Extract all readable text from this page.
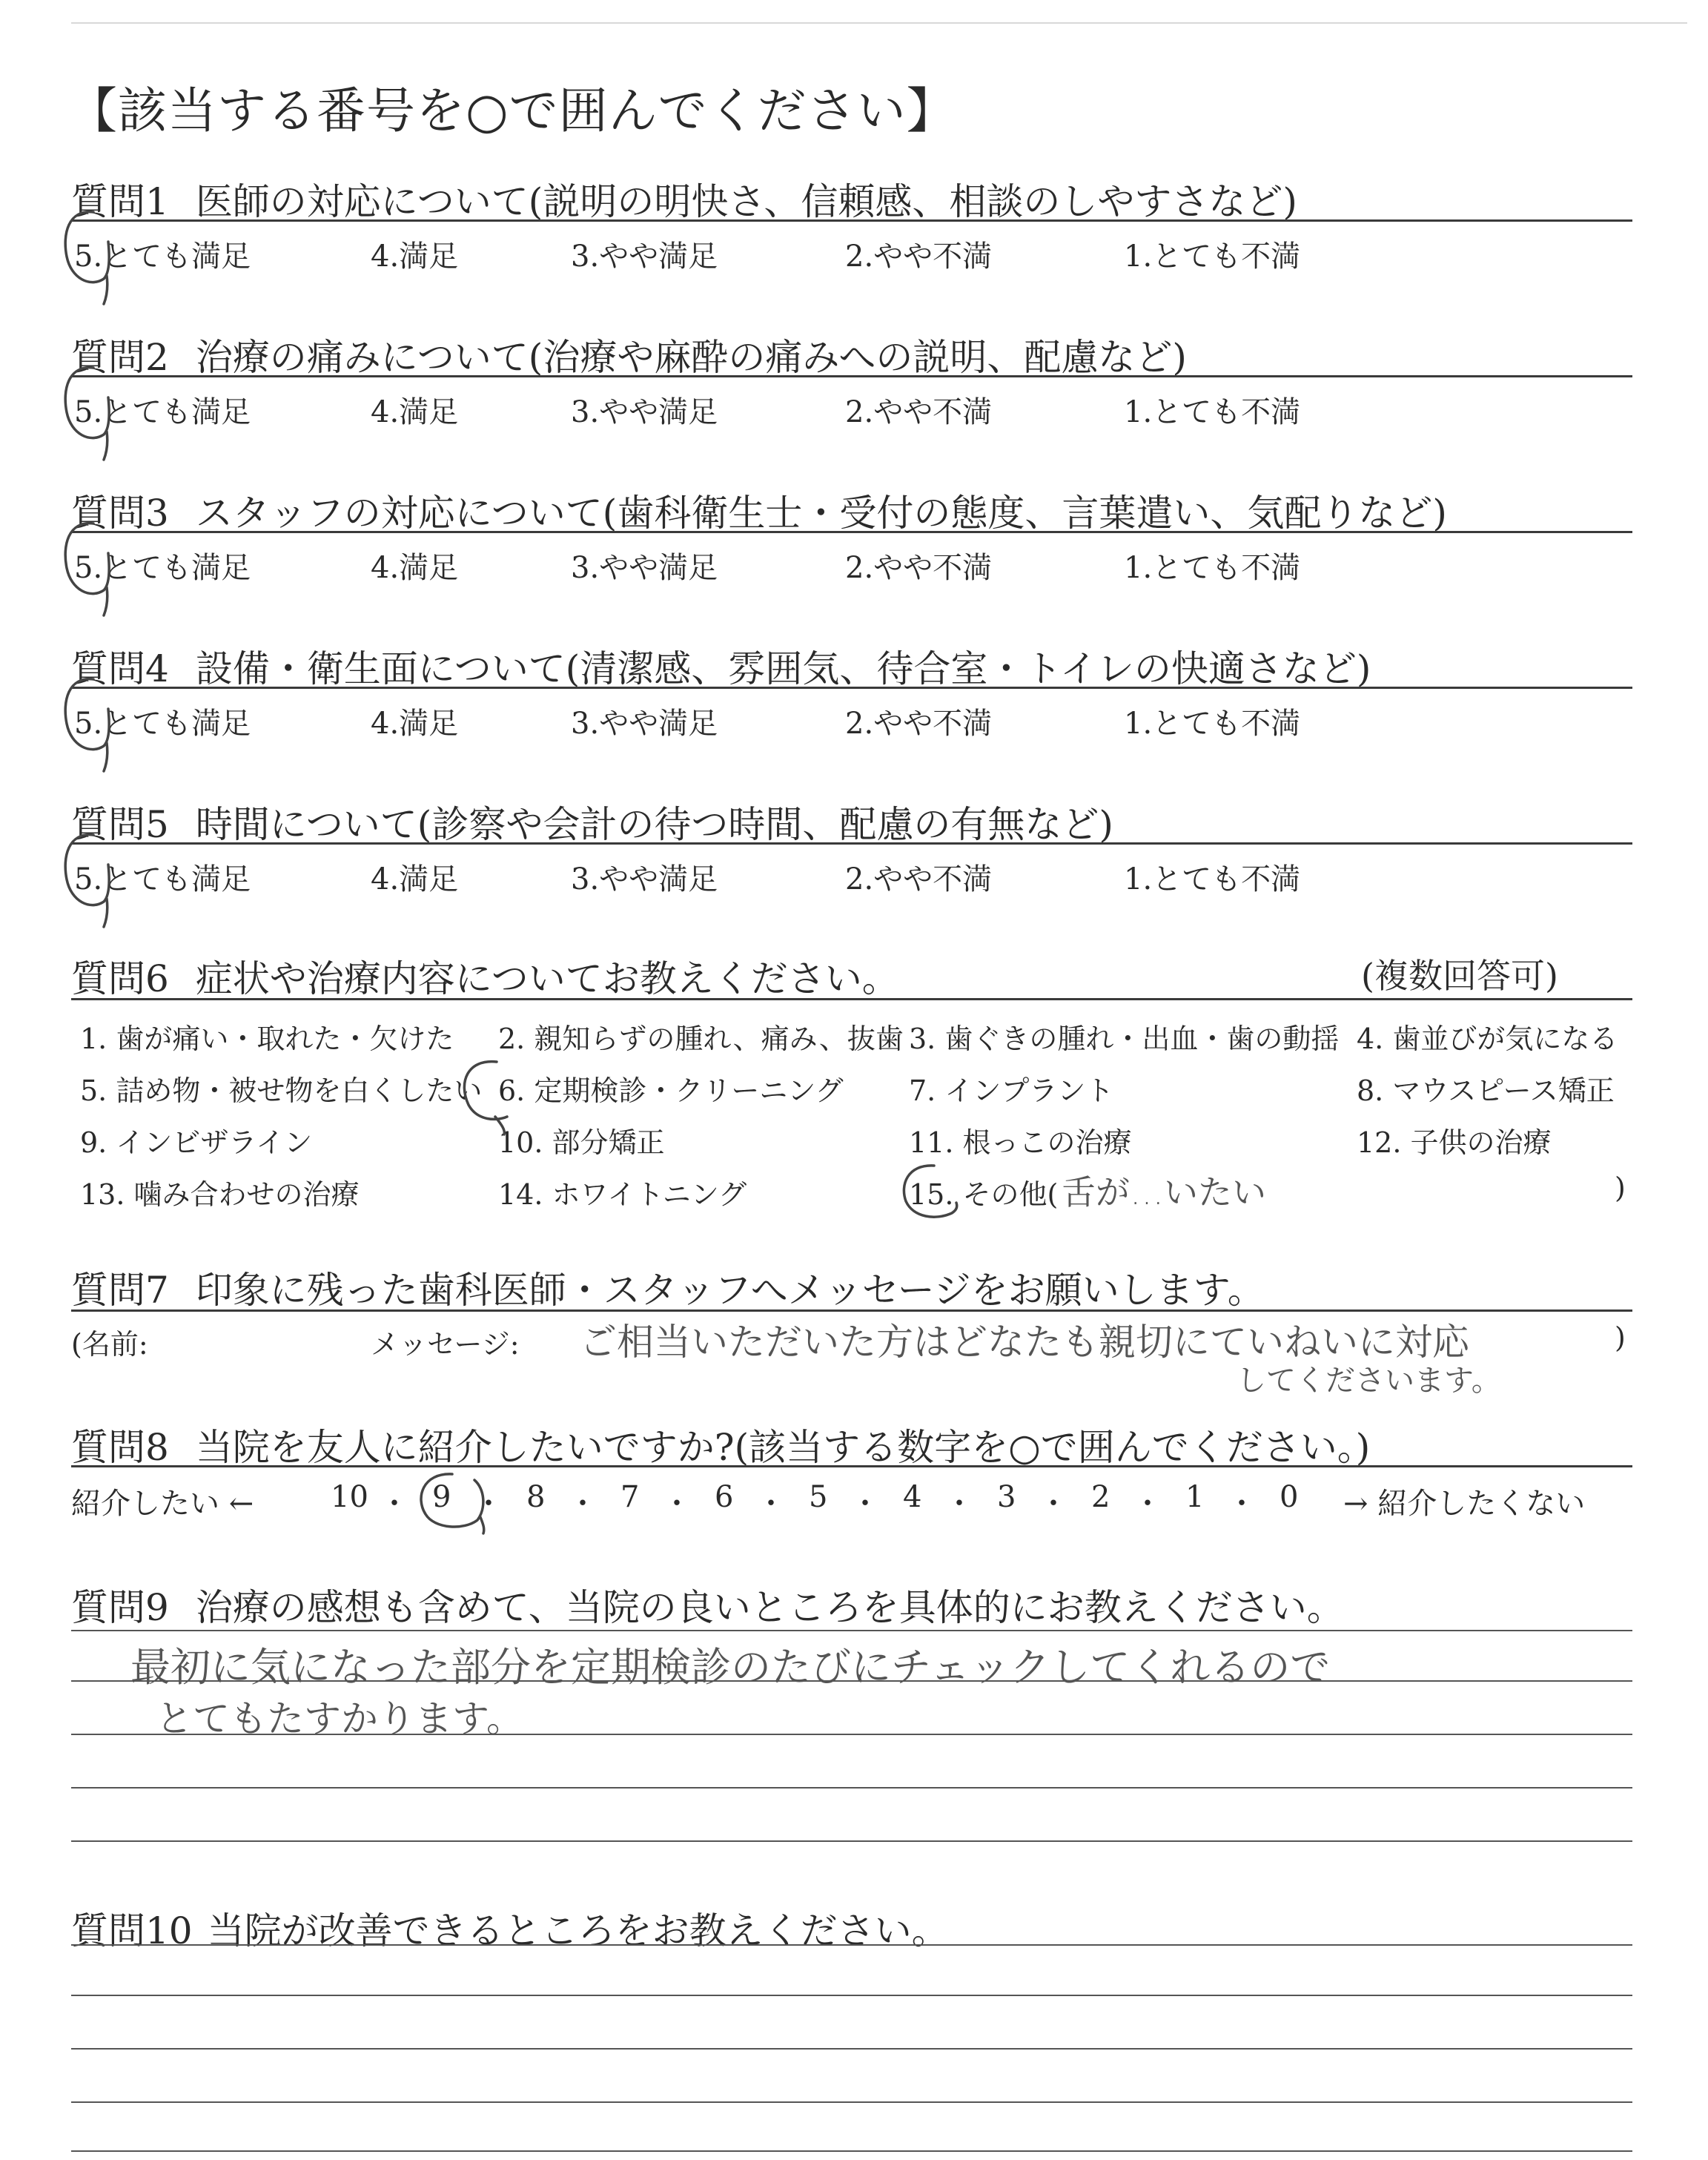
【該当する番号を○で囲んでください】
質問1 医師の対応について(説明の明快さ、信頼感、相談のしやすさなど)
5.とても満足	4.満足	3.やや満足	2.やや不満	1.とても不満
質問2 治療の痛みについて(治療や麻酔の痛みへの説明、配慮など)
5.とても満足	4.満足	3.やや満足	2.やや不満	1.とても不満
質問3 スタッフの対応について(歯科衛生士・受付の態度、言葉遣い、気配りなど)
5.とても満足	4.満足	3.やや満足	2.やや不満	1.とても不満
質問4 設備・衛生面について(清潔感、雰囲気、待合室・トイレの快適さなど)
5.とても満足	4.満足	3.やや満足	2.やや不満	1.とても不満
質問5 時間について(診察や会計の待つ時間、配慮の有無など)
5.とても満足	4.満足	3.やや満足	2.やや不満	1.とても不満
質問6 症状や治療内容についてお教えください。	(複数回答可)
1. 歯が痛い・取れた・欠けた 2. 親知らずの腫れ、痛み、抜歯 3. 歯ぐきの腫れ・出血・歯の動揺 4. 歯並びが気になる
5. 詰め物・被せ物を白くしたい 6. 定期検診・クリーニング 7. インプラント	8. マウスピース矯正
9. インビザライン	10. 部分矯正	11. 根っこの治療	12. 子供の治療
13. 噛み合わせの治療	14. ホワイトニング	15. その他( 舌が…いたい	)
質問7 印象に残った歯科医師・スタッフへメッセージをお願いします。
(名前:	メッセージ:	)
ご相当いただいた方はどなたも親切にていねいに対応
してくださいます。
質問8 当院を友人に紹介したいですか?(該当する数字を○で囲んでください。)
紹介したい ←	→ 紹介したくない
10 ・ 9 ・ 8 ・ 7 ・ 6 ・ 5 ・ 4 ・ 3 ・ 2 ・ 1 ・ 0
質問9 治療の感想も含めて、当院の良いところを具体的にお教えください。
最初に気になった部分を定期検診のたびにチェックしてくれるので
とてもたすかります。
質問10 当院が改善できるところをお教えください。
